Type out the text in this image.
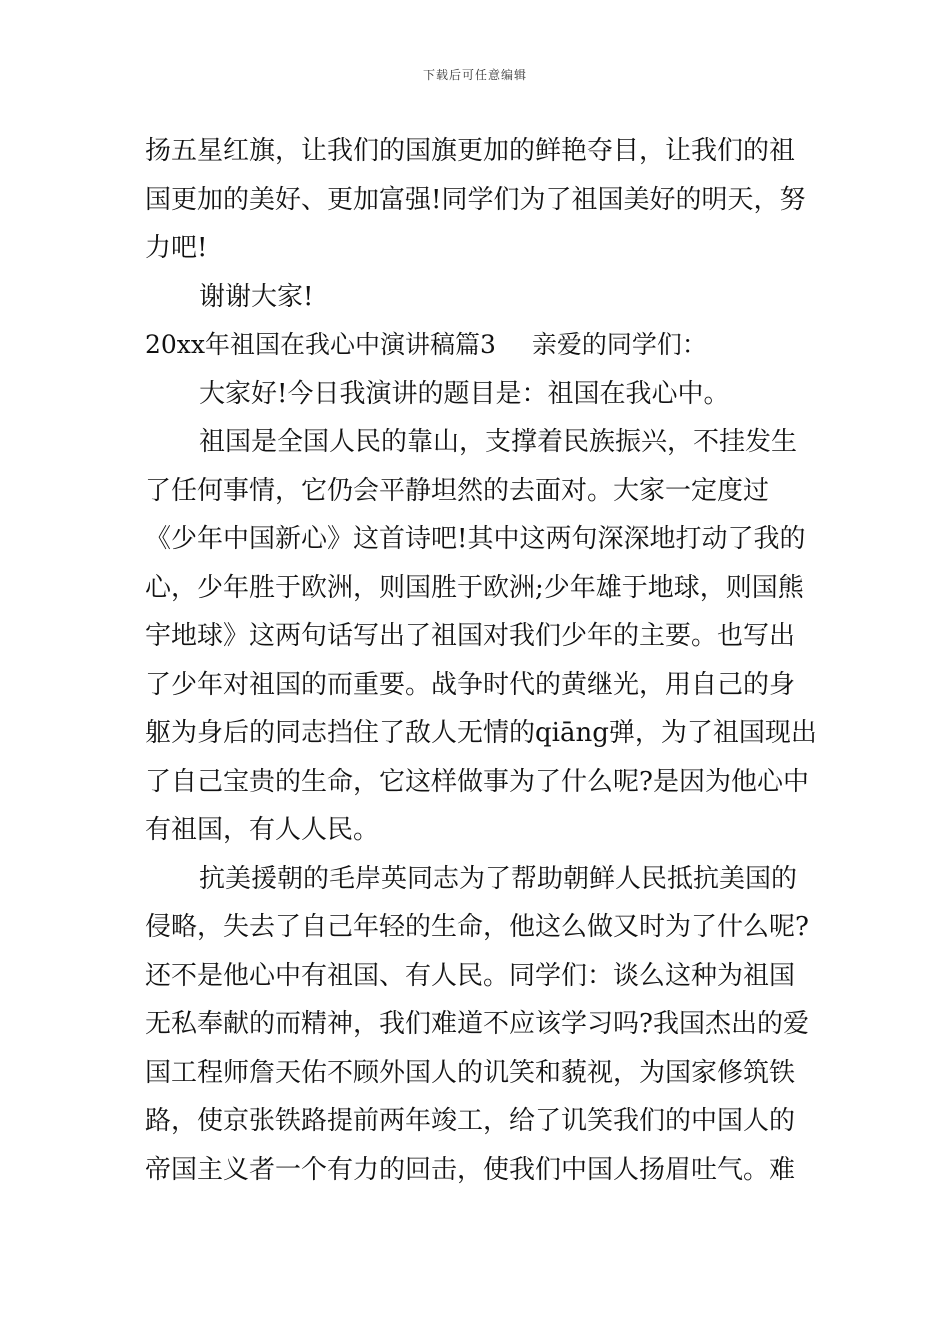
下载后可任意编辑
扬五星红旗，让我们的国旗更加的鲜艳夺目，让我们的祖
国更加的美好、更加富强!同学们为了祖国美好的明天，努
力吧!
谢谢大家!
20xx年祖国在我心中演讲稿篇3 亲爱的同学们：
大家好!今日我演讲的题目是：祖国在我心中。
祖国是全国人民的靠山，支撑着民族振兴，不挂发生
了任何事情，它仍会平静坦然的去面对。大家一定度过
《少年中国新心》这首诗吧!其中这两句深深地打动了我的
心，少年胜于欧洲，则国胜于欧洲;少年雄于地球，则国熊
宇地球》这两句话写出了祖国对我们少年的主要。也写出
了少年对祖国的而重要。战争时代的黄继光，用自己的身
躯为身后的同志挡住了敌人无情的qiāng弹，为了祖国现出
了自己宝贵的生命，它这样做事为了什么呢?是因为他心中
有祖国，有人人民。
抗美援朝的毛岸英同志为了帮助朝鲜人民抵抗美国的
侵略，失去了自己年轻的生命，他这么做又时为了什么呢?
还不是他心中有祖国、有人民。同学们：谈么这种为祖国
无私奉献的而精神，我们难道不应该学习吗?我国杰出的爱
国工程师詹天佑不顾外国人的讥笑和藐视，为国家修筑铁
路，使京张铁路提前两年竣工，给了讥笑我们的中国人的
帝国主义者一个有力的回击，使我们中国人扬眉吐气。难
